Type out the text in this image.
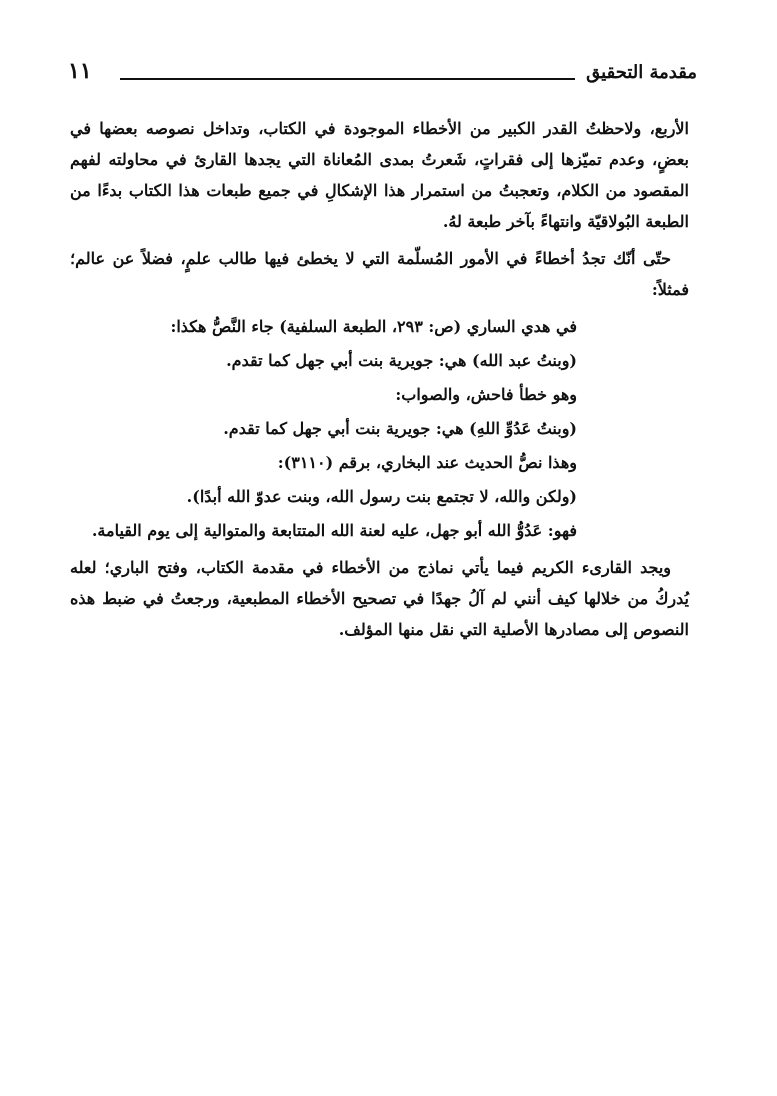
مقدمة التحقيق
١١

الأربع، ولاحظتُ القدر الكبير من الأخطاء الموجودة في الكتاب، وتداخل نصوصه بعضها في بعضٍ، وعدم تميّزها إلى فقراتٍ، شَعرتُ بمدى المُعاناة التي يجدها القارئ في محاولته لفهم المقصود من الكلام، وتعجبتُ من استمرار هذا الإشكالِ في جميع طبعات هذا الكتاب بدءًا من الطبعة البُولاقيّة وانتهاءً بآخر طبعة لهُ.

حتّى أنّك تجدُ أخطاءً في الأمور المُسلّمة التي لا يخطئ فيها طالب علمٍ، فضلاً عن عالم؛ فمثلاً:

في هدي الساري (ص: ٢٩٣، الطبعة السلفية) جاء النَّصُّ هكذا:

(وبنتُ عبد الله) هي: جويرية بنت أبي جهل كما تقدم.

وهو خطأ فاحش، والصواب:

(وبنتُ عَدُوِّ اللهِ) هي: جويرية بنت أبي جهل كما تقدم.

وهذا نصُّ الحديث عند البخاري، برقم (٣١١٠):

(ولكن والله، لا تجتمع بنت رسول الله، وبنت عدوّ الله أبدًا).

فهو: عَدُوُّ الله أبو جهل، عليه لعنة الله المتتابعة والمتوالية إلى يوم القيامة.

ويجد القارىء الكريم فيما يأتي نماذج من الأخطاء في مقدمة الكتاب، وفتح الباري؛ لعله يُدركُ من خلالها كيف أنني لم آلُ جهدًا في تصحيح الأخطاء المطبعية، ورجعتُ في ضبط هذه النصوص إلى مصادرها الأصلية التي نقل منها المؤلف.
